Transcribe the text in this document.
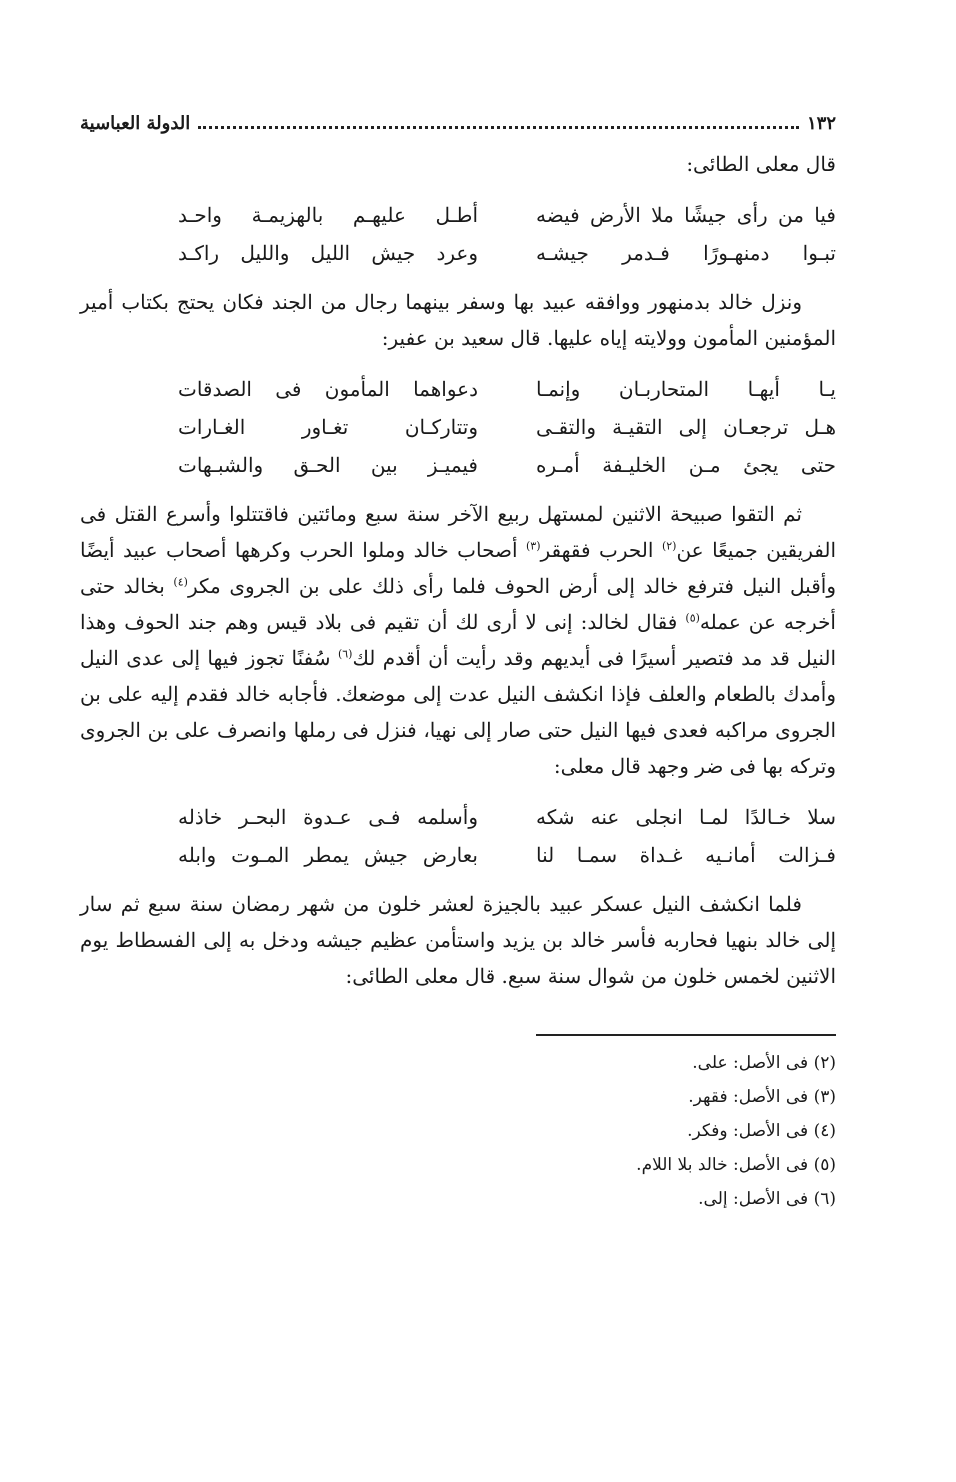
١٣٢
الدولة العباسية

قال معلى الطائى:

فيا من رأى جيشًا ملا الأرض فيضه
أطـل عليهـم بالهزيمـة واحـد
تبـوا دمنهـورًا فـدمر جيشـه
وعرد جيش الليل والليل راكـد

ونزل خالد بدمنهور ووافقه عبيد بها وسفر بينهما رجال من الجند فكان يحتج بكتاب أمير المؤمنين المأمون وولايته إياه عليها. قال سعيد بن عفير:

يـا أيهـا المتحاربـان وإنمـا
دعواهما المأمون فى الصدقات
هـل ترجعـان إلى التقيـة والتقـى
وتتاركـان تغـاور الغـارات
حتى يجئ مـن الخليـفة أمـره
فيميـز بين الحـق والشبـهات

ثم التقوا صبيحة الاثنين لمستهل ربيع الآخر سنة سبع ومائتين فاقتتلوا وأسرع القتل فى الفريقين جميعًا عن$^{(٢)}$ الحرب فقهقر$^{(٣)}$ أصحاب خالد وملوا الحرب وكرهها أصحاب عبيد أيضًا وأقبل النيل فترفع خالد إلى أرض الحوف فلما رأى ذلك على بن الجروى مكر$^{(٤)}$ بخالد حتى أخرجه عن عمله$^{(٥)}$ فقال لخالد: إنى لا أرى لك أن تقيم فى بلاد قيس وهم جند الحوف وهذا النيل قد مد فتصير أسيرًا فى أيديهم وقد رأيت أن أقدم لك$^{(٦)}$ سُفنًا تجوز فيها إلى عدى النيل وأمدك بالطعام والعلف فإذا انكشف النيل عدت إلى موضعك. فأجابه خالد فقدم إليه على بن الجروى مراكبه فعدى فيها النيل حتى صار إلى نهيا، فنزل فى رملها وانصرف على بن الجروى وتركه بها فى ضر وجهد قال معلى:

سلا خـالدًا لمـا انجلى عنه شكه
وأسلمه فـى عـدوة البحـر خاذله
فـزالت أمانـيه غـداة سمـا لنا
بعارض جيش يمطر المـوت وابله

فلما انكشف النيل عسكر عبيد بالجيزة لعشر خلون من شهر رمضان سنة سبع ثم سار إلى خالد بنهيا فحاربه فأسر خالد بن يزيد واستأمن عظيم جيشه ودخل به إلى الفسطاط يوم الاثنين لخمس خلون من شوال سنة سبع. قال معلى الطائى:

(٢) فى الأصل: على.
(٣) فى الأصل: فقهر.
(٤) فى الأصل: وفكر.
(٥) فى الأصل: خالد بلا اللام.
(٦) فى الأصل: إلى.
